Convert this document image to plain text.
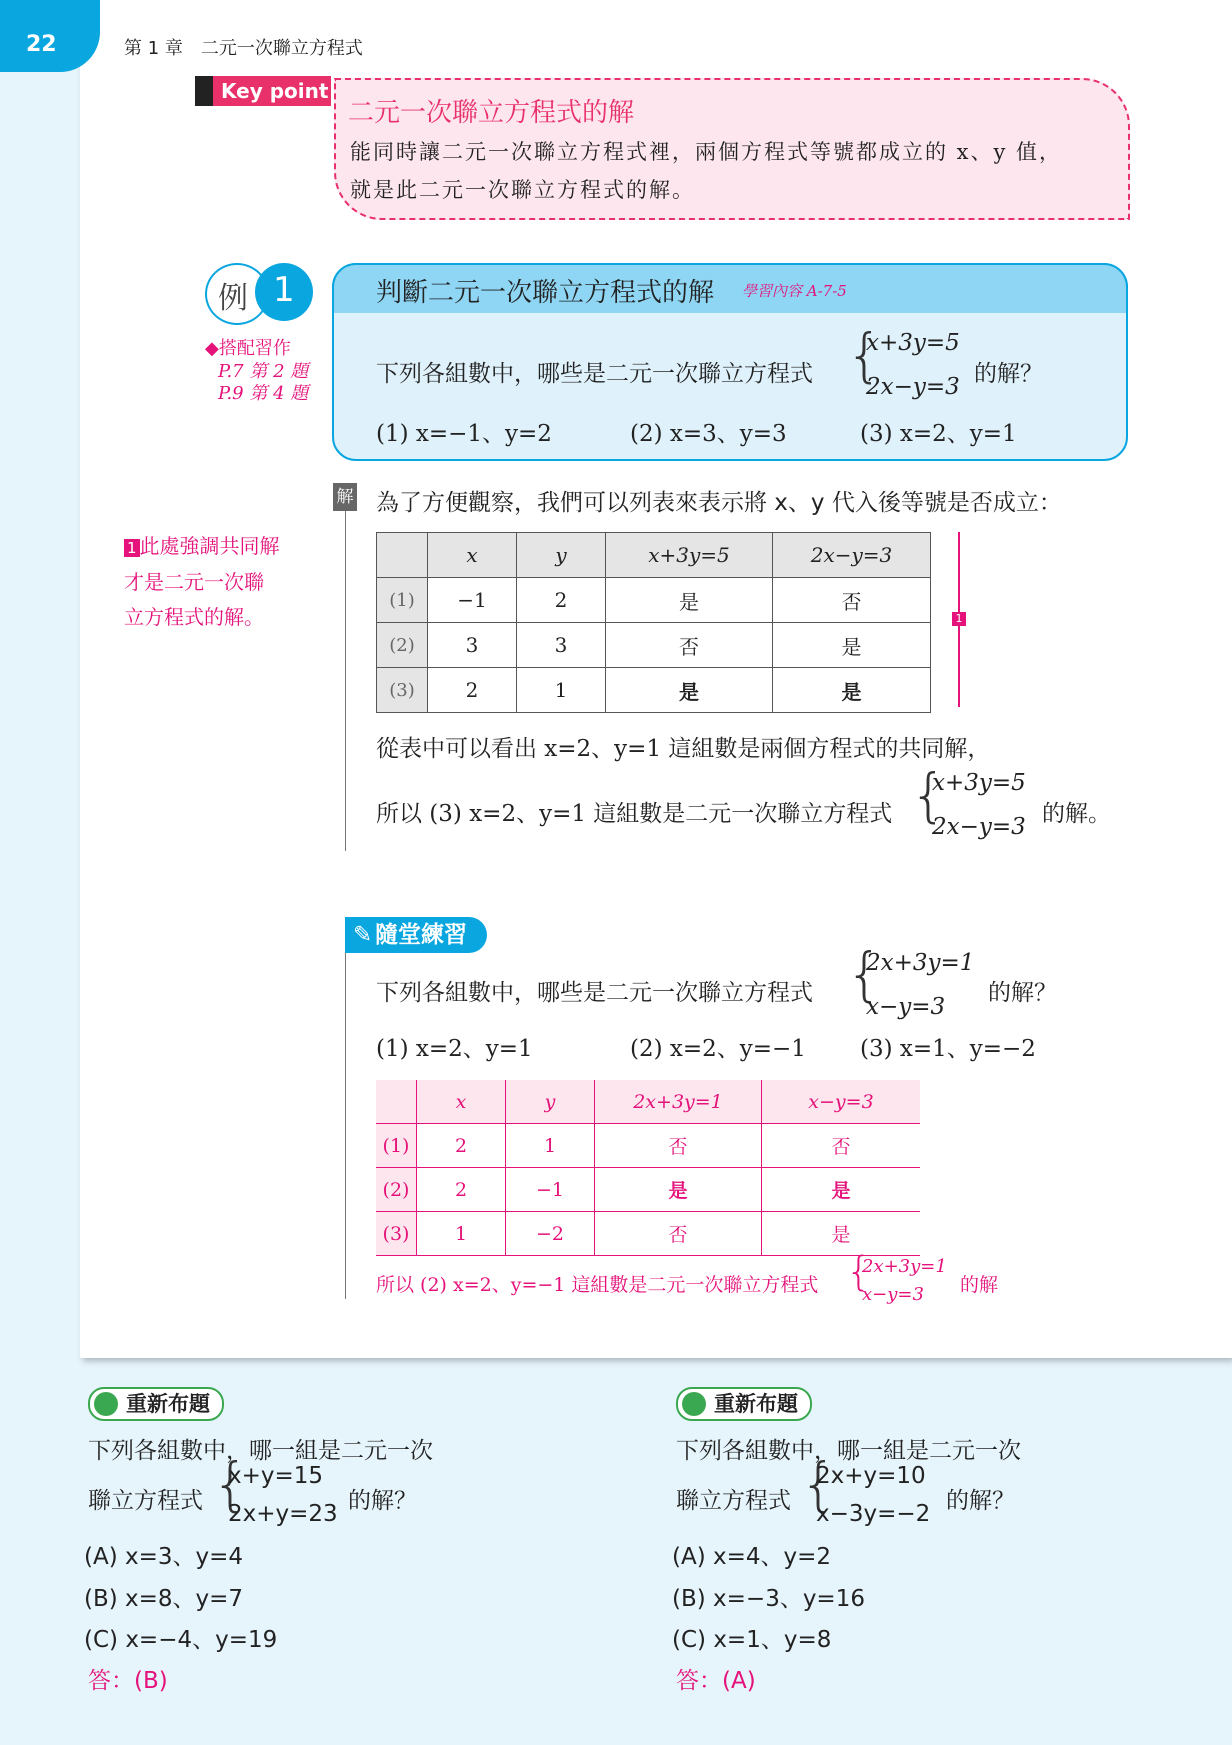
22	第 1 章　二元一次聯立方程式
Key point
二元一次聯立方程式的解
能同時讓二元一次聯立方程式裡，兩個方程式等號都成立的 x、y 值，
就是此二元一次聯立方程式的解。
例 1
◆搭配習作
P.7 第 2 題
P.9 第 4 題
判斷二元一次聯立方程式的解 學習內容 A-7-5
下列各組數中，哪些是二元一次聯立方程式 {
x+3y=5
2x−y=3 的解？
(1) x=−1、y=2	(2) x=3、y=3	(3) x=2、y=1
解 為了方便觀察，我們可以列表來表示將 x、y 代入後等號是否成立：
1 此處強調共同解
才是二元一次聯
立方程式的解。
	x	y	x+3y=5	2x−y=3
(1)	−1	2	是	否
(2)	3	3	否	是
(3)	2	1	是	是
1
從表中可以看出 x=2、y=1 這組數是兩個方程式的共同解，
所以 (3) x=2、y=1 這組數是二元一次聯立方程式 {
x+3y=5
2x−y=3 的解。
✎ 隨堂練習
下列各組數中，哪些是二元一次聯立方程式 {
2x+3y=1
x−y=3
的解？
(1) x=2、y=1	(2) x=2、y=−1 (3) x=1、y=−2
	x	y	2x+3y=1	x−y=3
(1)	2	1	否	否
(2)	2	−1	是	是
(3)	1	−2	否	是
所以 (2) x=2、y=−1 這組數是二元一次聯立方程式 {
2x+3y=1
x−y=3 的解
重新布題
下列各組數中，哪一組是二元一次
聯立方程式 {
x+y=15
2x+y=23 的解？
(A) x=3、y=4
(B) x=8、y=7
(C) x=−4、y=19
答：(B)
重新布題
下列各組數中，哪一組是二元一次
聯立方程式 {
2x+y=10
x−3y=−2 的解？
(A) x=4、y=2
(B) x=−3、y=16
(C) x=1、y=8
答：(A)
